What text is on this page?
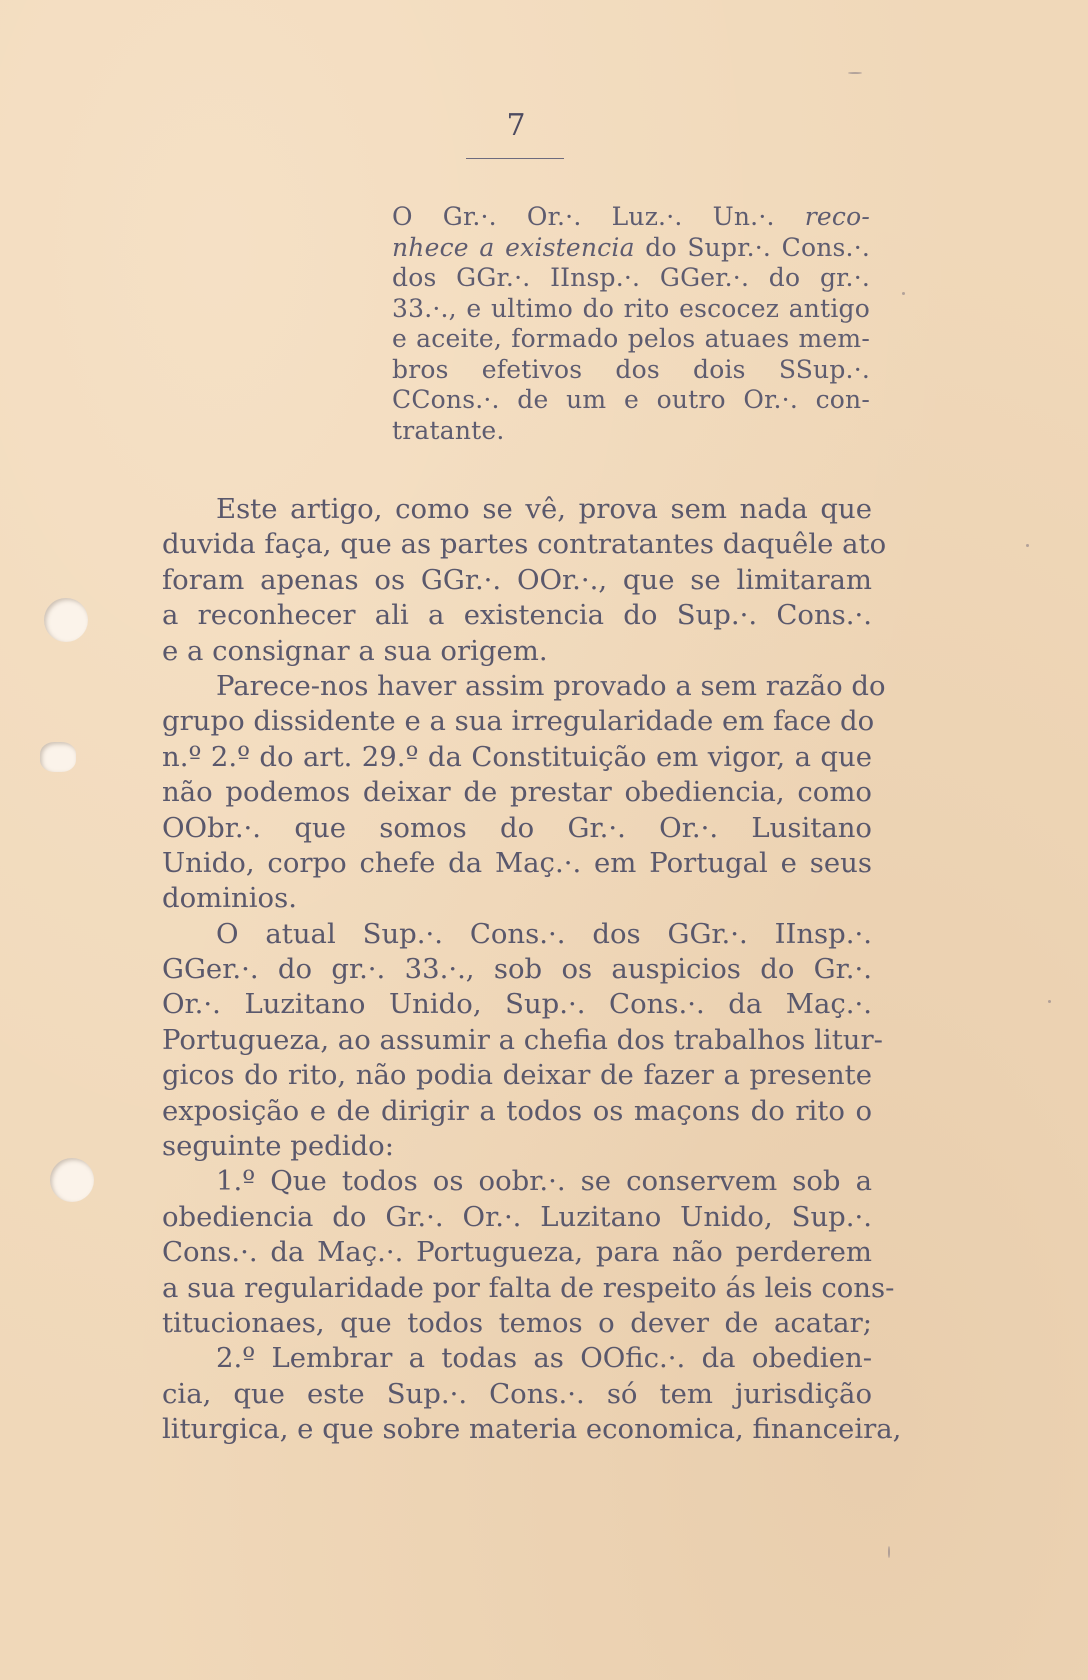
7
O Gr.·. Or.·. Luz.·. Un.·. reco-
nhece a existencia do Supr.·. Cons.·.
dos GGr.·. IInsp.·. GGer.·. do gr.·.
33.·., e ultimo do rito escocez antigo
e aceite, formado pelos atuaes mem-
bros efetivos dos dois SSup.·.
CCons.·. de um e outro Or.·. con-
tratante.
Este artigo, como se vê, prova sem nada que
duvida faça, que as partes contratantes daquêle ato
foram apenas os GGr.·. OOr.·., que se limitaram
a reconhecer ali a existencia do Sup.·. Cons.·.
e a consignar a sua origem.
Parece-nos haver assim provado a sem razão do
grupo dissidente e a sua irregularidade em face do
n.º 2.º do art. 29.º da Constituição em vigor, a que
não podemos deixar de prestar obediencia, como
OObr.·. que somos do Gr.·. Or.·. Lusitano
Unido, corpo chefe da Maç.·. em Portugal e seus
dominios.
O atual Sup.·. Cons.·. dos GGr.·. IInsp.·.
GGer.·. do gr.·. 33.·., sob os auspicios do Gr.·.
Or.·. Luzitano Unido, Sup.·. Cons.·. da Maç.·.
Portugueza, ao assumir a chefia dos trabalhos litur-
gicos do rito, não podia deixar de fazer a presente
exposição e de dirigir a todos os maçons do rito o
seguinte pedido:
1.º Que todos os oobr.·. se conservem sob a
obediencia do Gr.·. Or.·. Luzitano Unido, Sup.·.
Cons.·. da Maç.·. Portugueza, para não perderem
a sua regularidade por falta de respeito ás leis cons-
titucionaes, que todos temos o dever de acatar;
2.º Lembrar a todas as OOfic.·. da obedien-
cia, que este Sup.·. Cons.·. só tem jurisdição
liturgica, e que sobre materia economica, financeira,
